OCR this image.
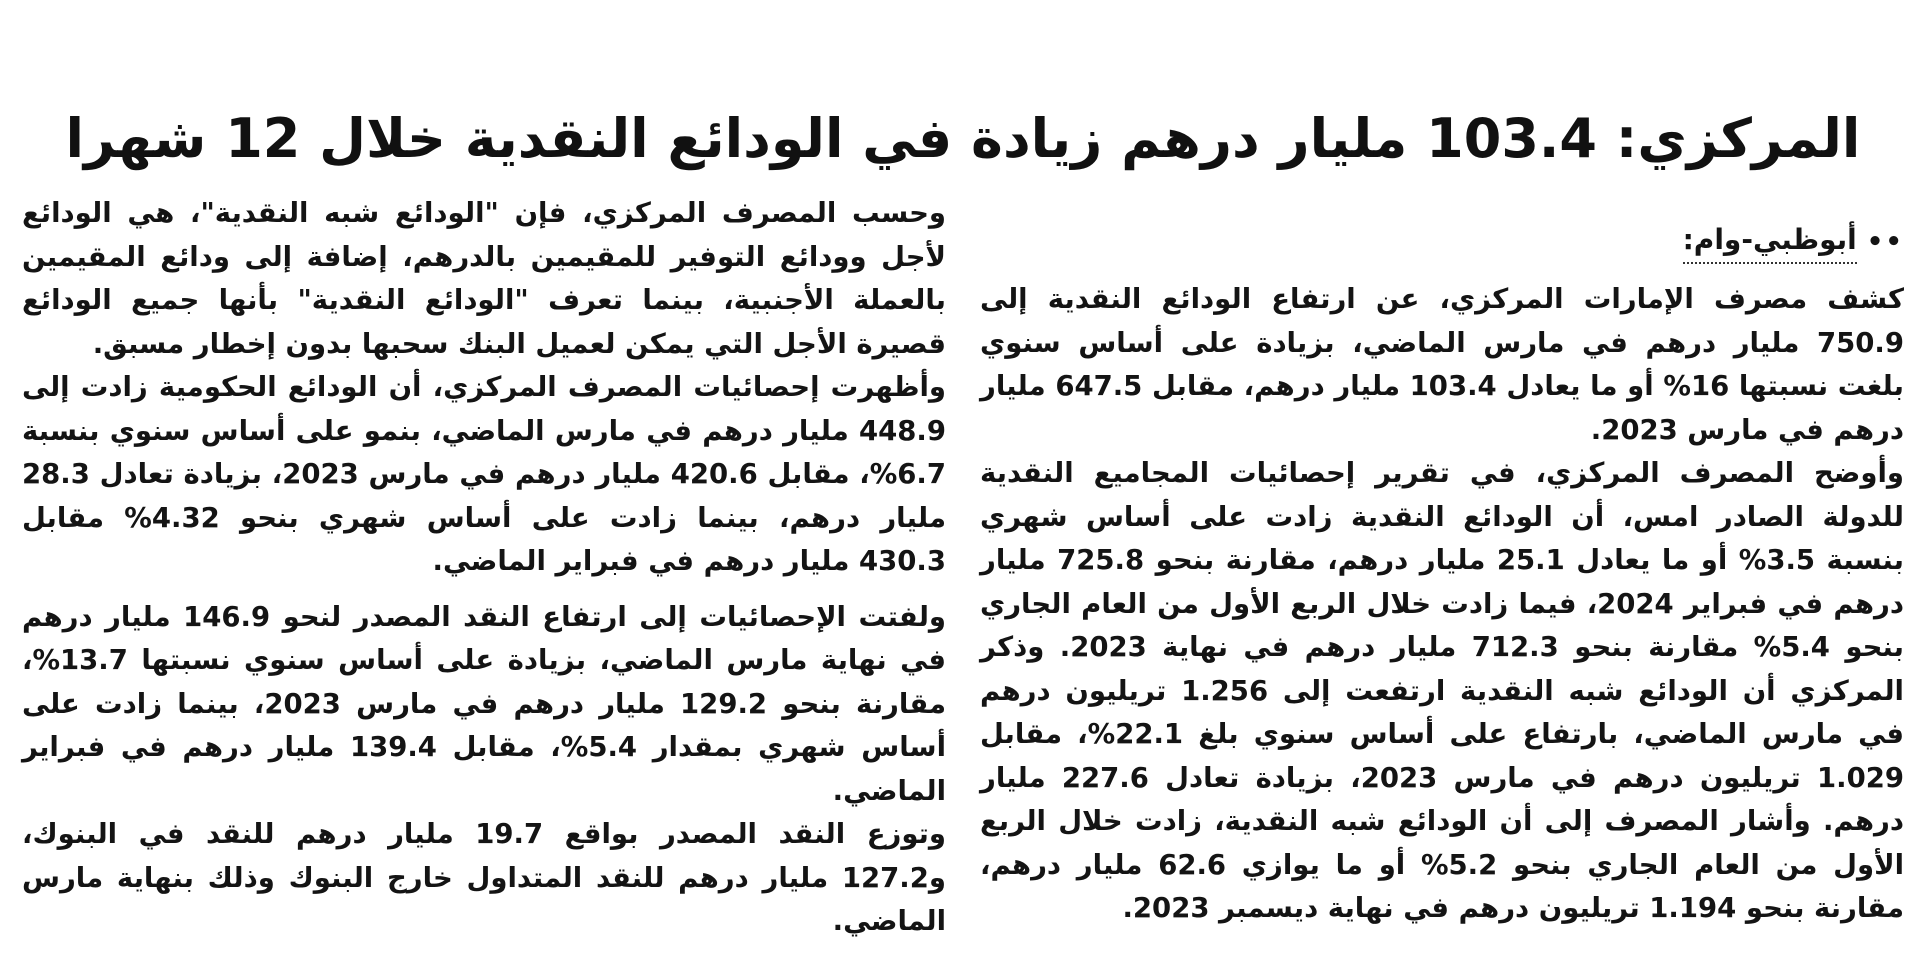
المركزي: 103.4 مليار درهم زيادة في الودائع النقدية خلال 12 شهرا
••
أبوظبي-وام:

كشف مصرف الإمارات المركزي، عن ارتفاع الودائع النقدية إلى 750.9 مليار درهم في مارس الماضي، بزيادة على أساس سنوي بلغت نسبتها 16% أو ما يعادل 103.4 مليار درهم، مقابل 647.5 مليار درهم في مارس 2023.

وأوضح المصرف المركزي، في تقرير إحصائيات المجاميع النقدية للدولة الصادر امس، أن الودائع النقدية زادت على أساس شهري بنسبة 3.5% أو ما يعادل 25.1 مليار درهم، مقارنة بنحو 725.8 مليار درهم في فبراير 2024، فيما زادت خلال الربع الأول من العام الجاري بنحو 5.4% مقارنة بنحو 712.3 مليار درهم في نهاية 2023. وذكر المركزي أن الودائع شبه النقدية ارتفعت إلى 1.256 تريليون درهم في مارس الماضي، بارتفاع على أساس سنوي بلغ 22.1%، مقابل 1.029 تريليون درهم في مارس 2023، بزيادة تعادل 227.6 مليار درهم. وأشار المصرف إلى أن الودائع شبه النقدية، زادت خلال الربع الأول من العام الجاري بنحو 5.2% أو ما يوازي 62.6 مليار درهم، مقارنة بنحو 1.194 تريليون درهم في نهاية ديسمبر 2023.

وحسب المصرف المركزي، فإن "الودائع شبه النقدية"، هي الودائع لأجل وودائع التوفير للمقيمين بالدرهم، إضافة إلى ودائع المقيمين بالعملة الأجنبية، بينما تعرف "الودائع النقدية" بأنها جميع الودائع قصيرة الأجل التي يمكن لعميل البنك سحبها بدون إخطار مسبق.

وأظهرت إحصائيات المصرف المركزي، أن الودائع الحكومية زادت إلى 448.9 مليار درهم في مارس الماضي، بنمو على أساس سنوي بنسبة 6.7%، مقابل 420.6 مليار درهم في مارس 2023، بزيادة تعادل 28.3 مليار درهم، بينما زادت على أساس شهري بنحو 4.32% مقابل 430.3 مليار درهم في فبراير الماضي.

ولفتت الإحصائيات إلى ارتفاع النقد المصدر لنحو 146.9 مليار درهم في نهاية مارس الماضي، بزيادة على أساس سنوي نسبتها 13.7%، مقارنة بنحو 129.2 مليار درهم في مارس 2023، بينما زادت على أساس شهري بمقدار 5.4%، مقابل 139.4 مليار درهم في فبراير الماضي.

وتوزع النقد المصدر بواقع 19.7 مليار درهم للنقد في البنوك، و127.2 مليار درهم للنقد المتداول خارج البنوك وذلك بنهاية مارس الماضي.
